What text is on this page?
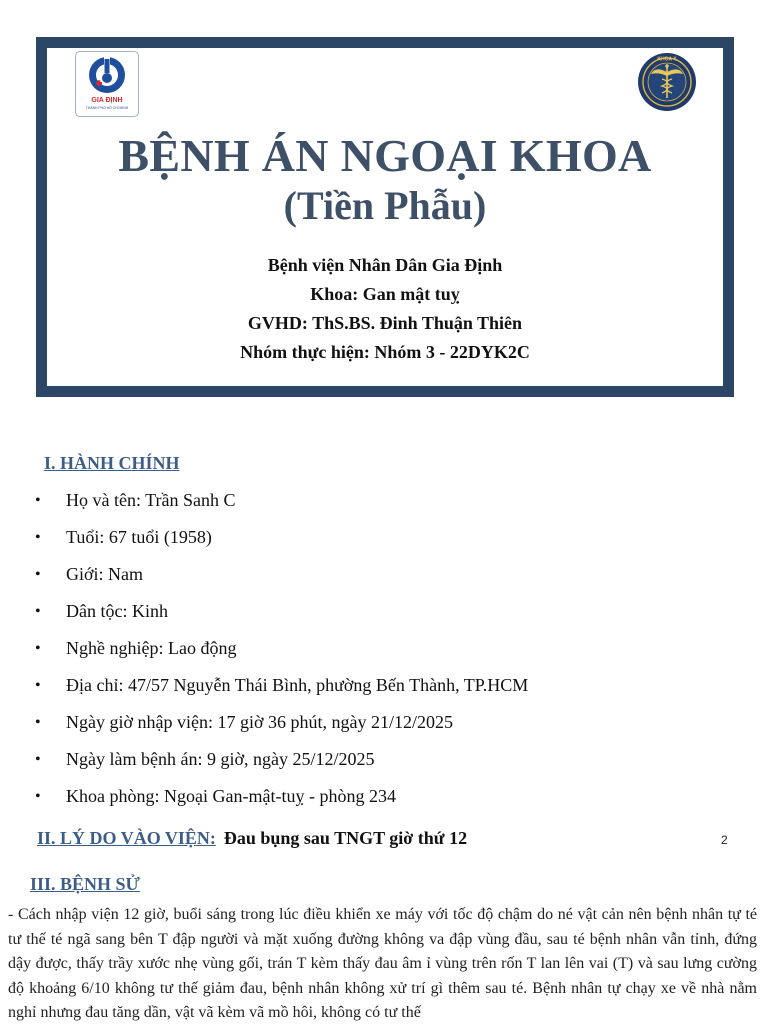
GIA ĐỊNH
THÀNH PHỐ HỒ CHÍ MINH
KHOA Y
BỆNH ÁN NGOẠI KHOA
(Tiền Phẫu)
Bệnh viện Nhân Dân Gia Định
Khoa: Gan mật tuỵ
GVHD: ThS.BS. Đinh Thuận Thiên
Nhóm thực hiện: Nhóm 3 - 22DYK2C
I. HÀNH CHÍNH
• Họ và tên: Trần Sanh C
• Tuổi: 67 tuổi (1958)
• Giới: Nam
• Dân tộc: Kinh
• Nghề nghiệp: Lao động
• Địa chỉ: 47/57 Nguyễn Thái Bình, phường Bến Thành, TP.HCM
• Ngày giờ nhập viện: 17 giờ 36 phút, ngày 21/12/2025
• Ngày làm bệnh án: 9 giờ, ngày 25/12/2025
• Khoa phòng: Ngoại Gan-mật-tuỵ - phòng 234
II. LÝ DO VÀO VIỆN: Đau bụng sau TNGT giờ thứ 12	2
III. BỆNH SỬ

- Cách nhập viện 12 giờ, buổi sáng trong lúc điều khiển xe máy với tốc độ chậm do né vật cản nên bệnh nhân tự té tư thế té ngã sang bên T đập người và mặt xuống đường không va đập vùng đầu, sau té bệnh nhân vẫn tỉnh, đứng dậy được, thấy trầy xước nhẹ vùng gối, trán T kèm thấy đau âm ỉ vùng trên rốn T lan lên vai (T) và sau lưng cường độ khoảng 6/10 không tư thế giảm đau, bệnh nhân không xử trí gì thêm sau té. Bệnh nhân tự chạy xe về nhà nằm nghỉ nhưng đau tăng dần, vật vã kèm vã mồ hôi, không có tư thế
